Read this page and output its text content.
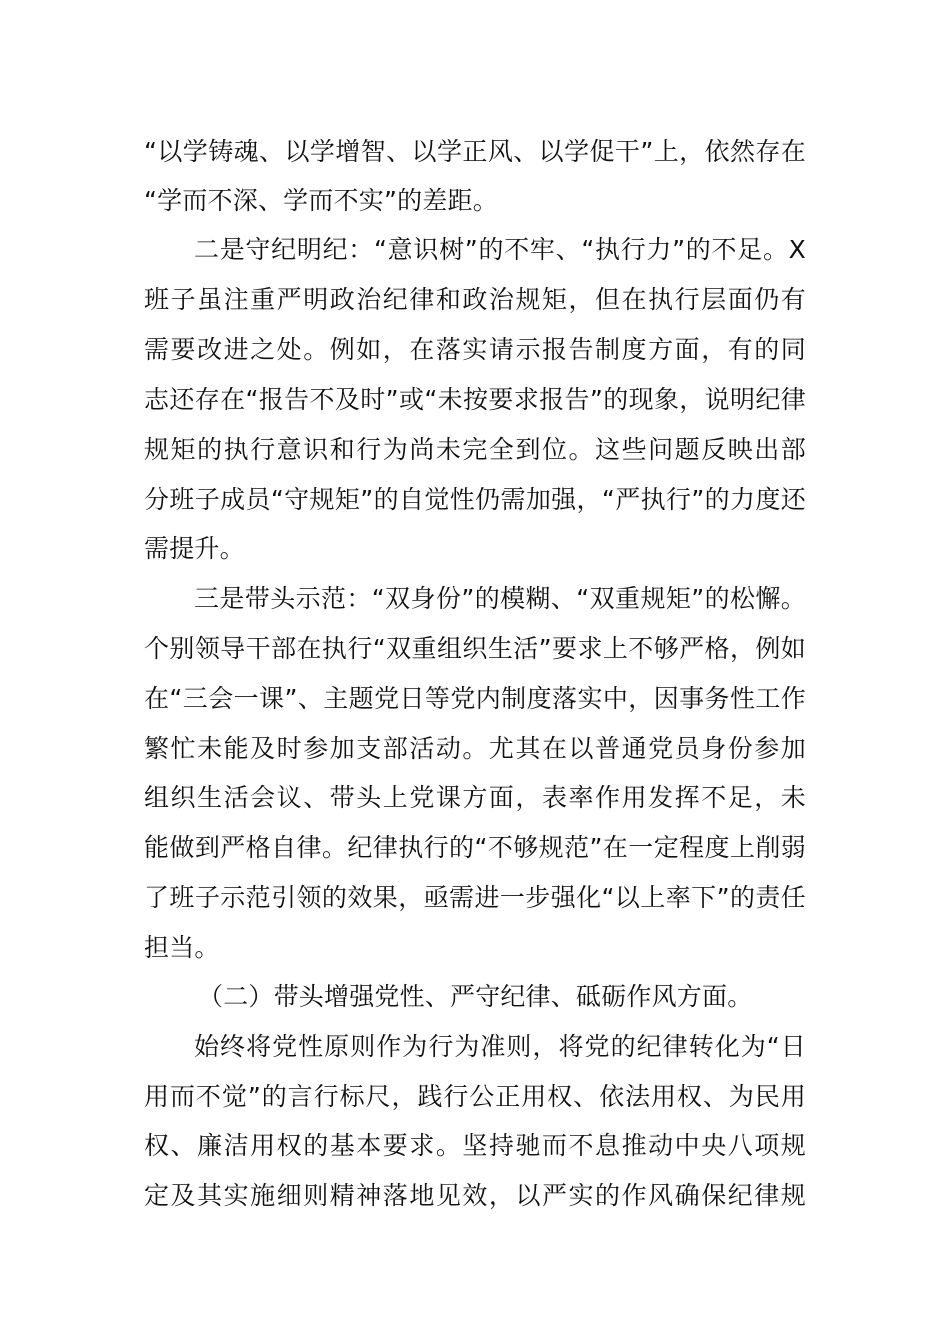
“以学铸魂、以学增智、以学正风、以学促干”上，依然存在
“学而不深、学而不实”的差距。
二是守纪明纪：“意识树”的不牢、“执行力”的不足。X
班子虽注重严明政治纪律和政治规矩，但在执行层面仍有
需要改进之处。例如，在落实请示报告制度方面，有的同
志还存在“报告不及时”或“未按要求报告”的现象，说明纪律
规矩的执行意识和行为尚未完全到位。这些问题反映出部
分班子成员“守规矩”的自觉性仍需加强，“严执行”的力度还
需提升。
三是带头示范：“双身份”的模糊、“双重规矩”的松懈。
个别领导干部在执行“双重组织生活”要求上不够严格，例如
在“三会一课”、主题党日等党内制度落实中，因事务性工作
繁忙未能及时参加支部活动。尤其在以普通党员身份参加
组织生活会议、带头上党课方面，表率作用发挥不足，未
能做到严格自律。纪律执行的“不够规范”在一定程度上削弱
了班子示范引领的效果，亟需进一步强化“以上率下”的责任
担当。
（二）带头增强党性、严守纪律、砥砺作风方面。
始终将党性原则作为行为准则，将党的纪律转化为“日
用而不觉”的言行标尺，践行公正用权、依法用权、为民用
权、廉洁用权的基本要求。坚持驰而不息推动中央八项规
定及其实施细则精神落地见效，以严实的作风确保纪律规
